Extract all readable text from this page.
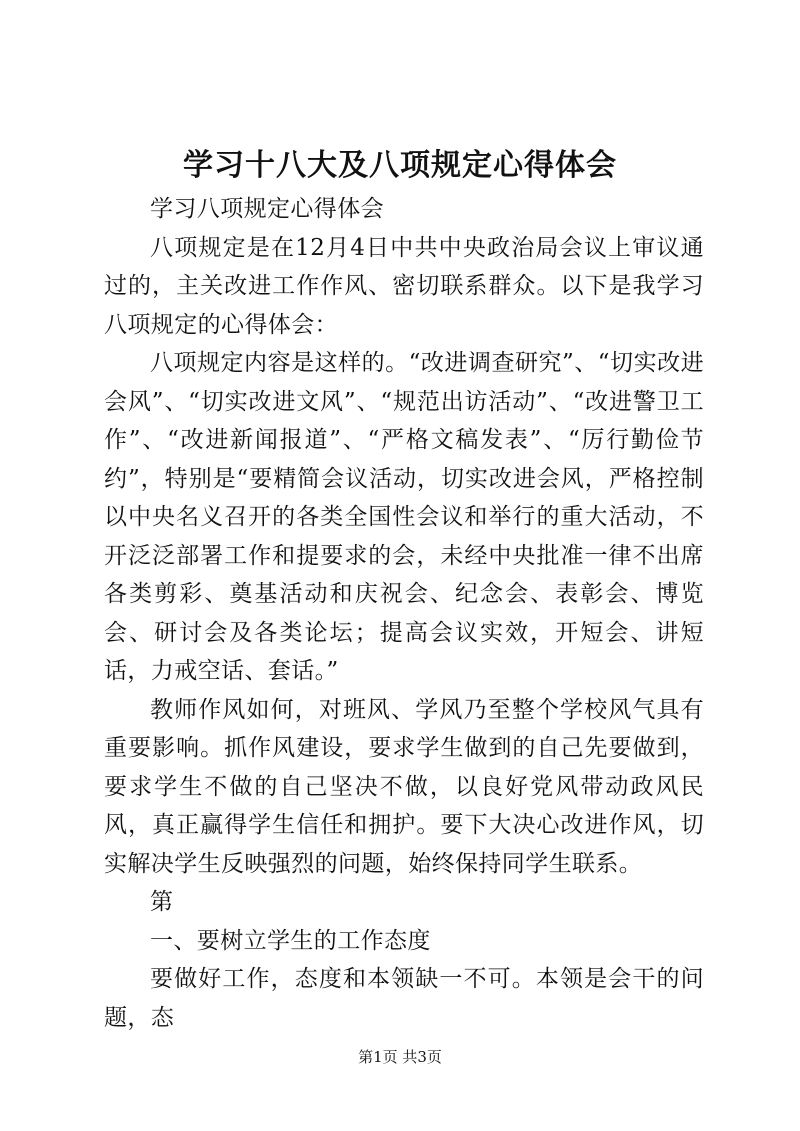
学习十八大及八项规定心得体会

学习八项规定心得体会

八项规定是在12月4日中共中央政治局会议上审议通过的，主关改进工作作风、密切联系群众。以下是我学习八项规定的心得体会：

八项规定内容是这样的。“改进调查研究”、“切实改进会风”、“切实改进文风”、“规范出访活动”、“改进警卫工作”、“改进新闻报道”、“严格文稿发表”、“厉行勤俭节约”，特别是“要精简会议活动，切实改进会风，严格控制以中央名义召开的各类全国性会议和举行的重大活动，不开泛泛部署工作和提要求的会，未经中央批准一律不出席各类剪彩、奠基活动和庆祝会、纪念会、表彰会、博览会、研讨会及各类论坛；提高会议实效，开短会、讲短话，力戒空话、套话。”

教师作风如何，对班风、学风乃至整个学校风气具有重要影响。抓作风建设，要求学生做到的自己先要做到，要求学生不做的自己坚决不做，以良好党风带动政风民风，真正赢得学生信任和拥护。要下大决心改进作风，切实解决学生反映强烈的问题，始终保持同学生联系。

第

一、要树立学生的工作态度

要做好工作，态度和本领缺一不可。本领是会干的问题，态

第1页 共3页
